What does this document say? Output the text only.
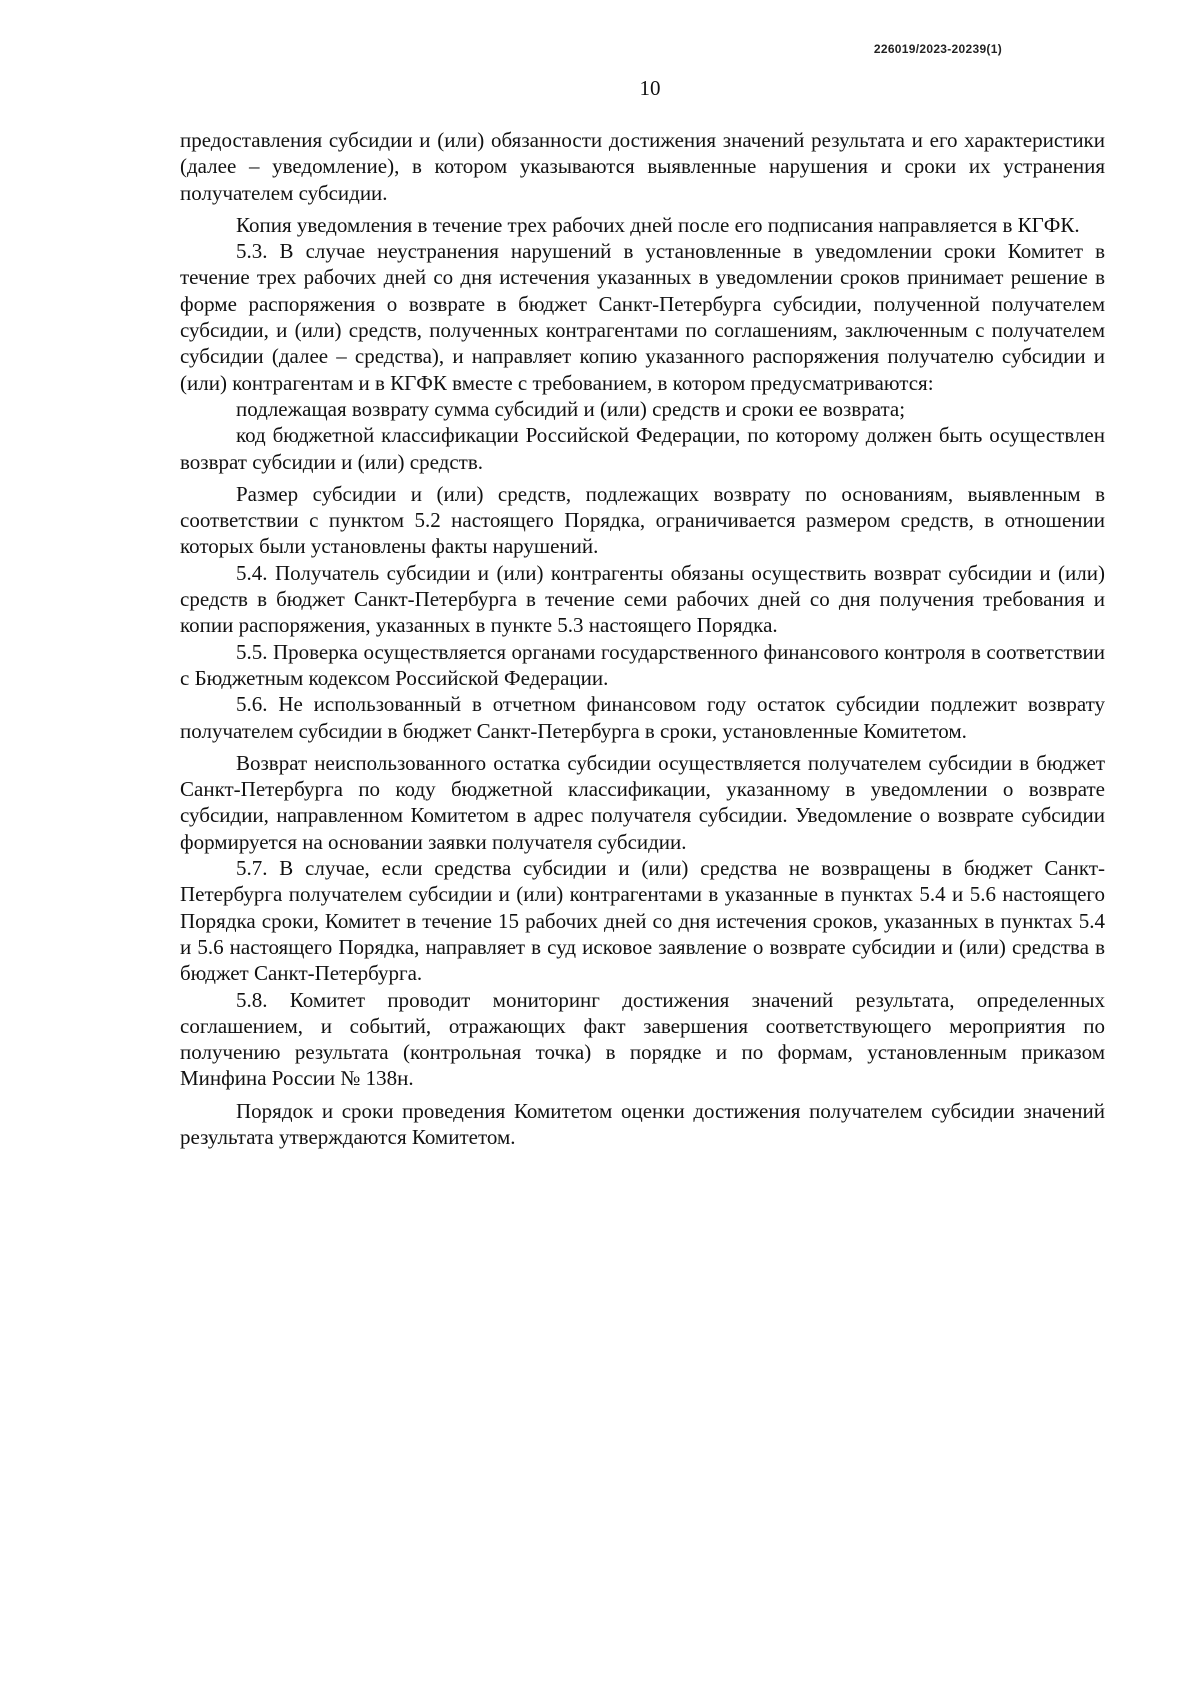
226019/2023-20239(1)
10

предоставления субсидии и (или) обязанности достижения значений результата и его характеристики (далее – уведомление), в котором указываются выявленные нарушения и сроки их устранения получателем субсидии.

Копия уведомления в течение трех рабочих дней после его подписания направляется в КГФК.

5.3. В случае неустранения нарушений в установленные в уведомлении сроки Комитет в течение трех рабочих дней со дня истечения указанных в уведомлении сроков принимает решение в форме распоряжения о возврате в бюджет Санкт-Петербурга субсидии, полученной получателем субсидии, и (или) средств, полученных контрагентами по соглашениям, заключенным с получателем субсидии (далее – средства), и направляет копию указанного распоряжения получателю субсидии и (или) контрагентам и в КГФК вместе с требованием, в котором предусматриваются:

подлежащая возврату сумма субсидий и (или) средств и сроки ее возврата;

код бюджетной классификации Российской Федерации, по которому должен быть осуществлен возврат субсидии и (или) средств.

Размер субсидии и (или) средств, подлежащих возврату по основаниям, выявленным в соответствии с пунктом 5.2 настоящего Порядка, ограничивается размером средств, в отношении которых были установлены факты нарушений.

5.4. Получатель субсидии и (или) контрагенты обязаны осуществить возврат субсидии и (или) средств в бюджет Санкт-Петербурга в течение семи рабочих дней со дня получения требования и копии распоряжения, указанных в пункте 5.3 настоящего Порядка.

5.5. Проверка осуществляется органами государственного финансового контроля в соответствии с Бюджетным кодексом Российской Федерации.

5.6. Не использованный в отчетном финансовом году остаток субсидии подлежит возврату получателем субсидии в бюджет Санкт-Петербурга в сроки, установленные Комитетом.

Возврат неиспользованного остатка субсидии осуществляется получателем субсидии в бюджет Санкт-Петербурга по коду бюджетной классификации, указанному в уведомлении о возврате субсидии, направленном Комитетом в адрес получателя субсидии. Уведомление о возврате субсидии формируется на основании заявки получателя субсидии.

5.7. В случае, если средства субсидии и (или) средства не возвращены в бюджет Санкт-Петербурга получателем субсидии и (или) контрагентами в указанные в пунктах 5.4 и 5.6 настоящего Порядка сроки, Комитет в течение 15 рабочих дней со дня истечения сроков, указанных в пунктах 5.4 и 5.6 настоящего Порядка, направляет в суд исковое заявление о возврате субсидии и (или) средства в бюджет Санкт-Петербурга.

5.8. Комитет проводит мониторинг достижения значений результата, определенных соглашением, и событий, отражающих факт завершения соответствующего мероприятия по получению результата (контрольная точка) в порядке и по формам, установленным приказом Минфина России № 138н.

Порядок и сроки проведения Комитетом оценки достижения получателем субсидии значений результата утверждаются Комитетом.
